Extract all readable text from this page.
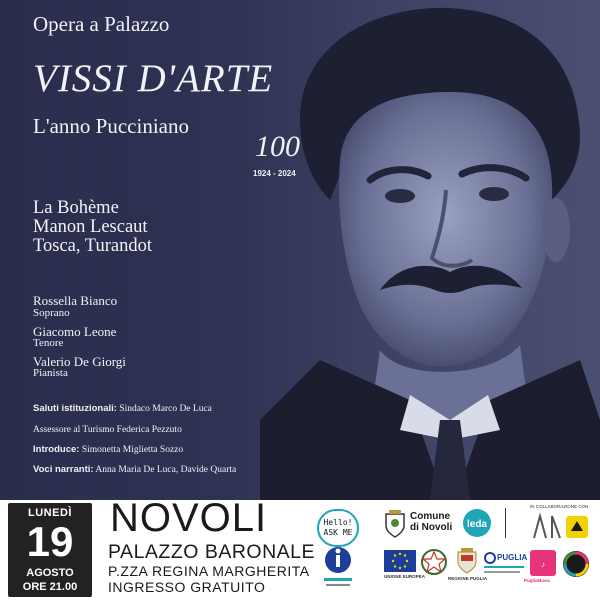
Opera a Palazzo

VISSI D'ARTE

L'anno Pucciniano

100

1924 - 2024

La Bohème

Manon Lescaut

Tosca, Turandot

Rossella Bianco

Soprano

Giacomo Leone

Tenore

Valerio De Giorgi

Pianista

Saluti istituzionali: Sindaco Marco De Luca

Assessore al Turismo Federica Pezzuto

Introduce: Simonetta Miglietta Sozzo

Voci narranti: Anna Maria De Luca, Davide Quarta

LUNEDÌ
19
AGOSTO
ORE 21.00

NOVOLI

PALAZZO BARONALE

P.ZZA REGINA MARGHERITA

INGRESSO GRATUITO

Hello!
ASK ME

Comune

di Novoli leda

IN COLLABORAZIONE CON

UNIONE EUROPEA	REGIONE PUGLIA

PUGLIA

♪

PugliaMusic
